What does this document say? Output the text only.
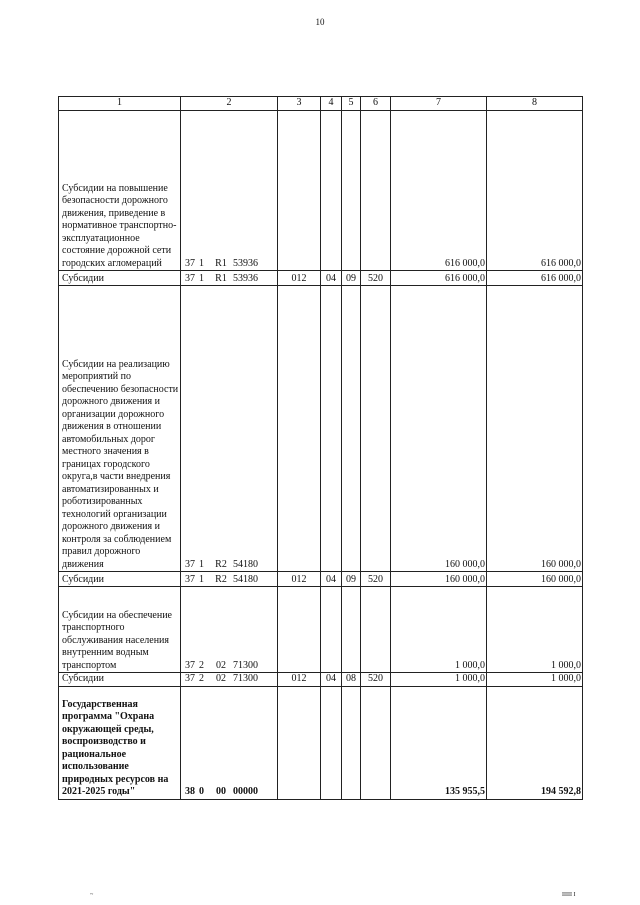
10
1	2	3	4	5	6	7	8
Субсидии на повышение безопасности дорожного движения, приведение в нормативное транспортно-эксплуатационное состояние дорожной сети городских агломераций	37 1 R1 53936					616 000,0	616 000,0
Субсидии	37 1 R1 53936	012	04	09	520	616 000,0	616 000,0
Субсидии на реализацию мероприятий по обеспечению безопасности дорожного движения и организации дорожного движения в отношении автомобильных дорог местного значения в границах городского округа,в части внедрения автоматизированных и роботизированных технологий организации дорожного движения и контроля за соблюдением правил дорожного движения	37 1 R2 54180					160 000,0	160 000,0
Субсидии	37 1 R2 54180	012	04	09	520	160 000,0	160 000,0
Субсидии на обеспечение транспортного обслуживания населения внутренним водным транспортом	37 2 02 71300					1 000,0	1 000,0
Субсидии	37 2 02 71300	012	04	08	520	1 000,0	1 000,0
Государственная программа "Охрана окружающей среды, воспроизводство и рациональное использование природных ресурсов на 2021-2025 годы"	38 0 00 00000					135 955,5	194 592,8
~	IIIII I
